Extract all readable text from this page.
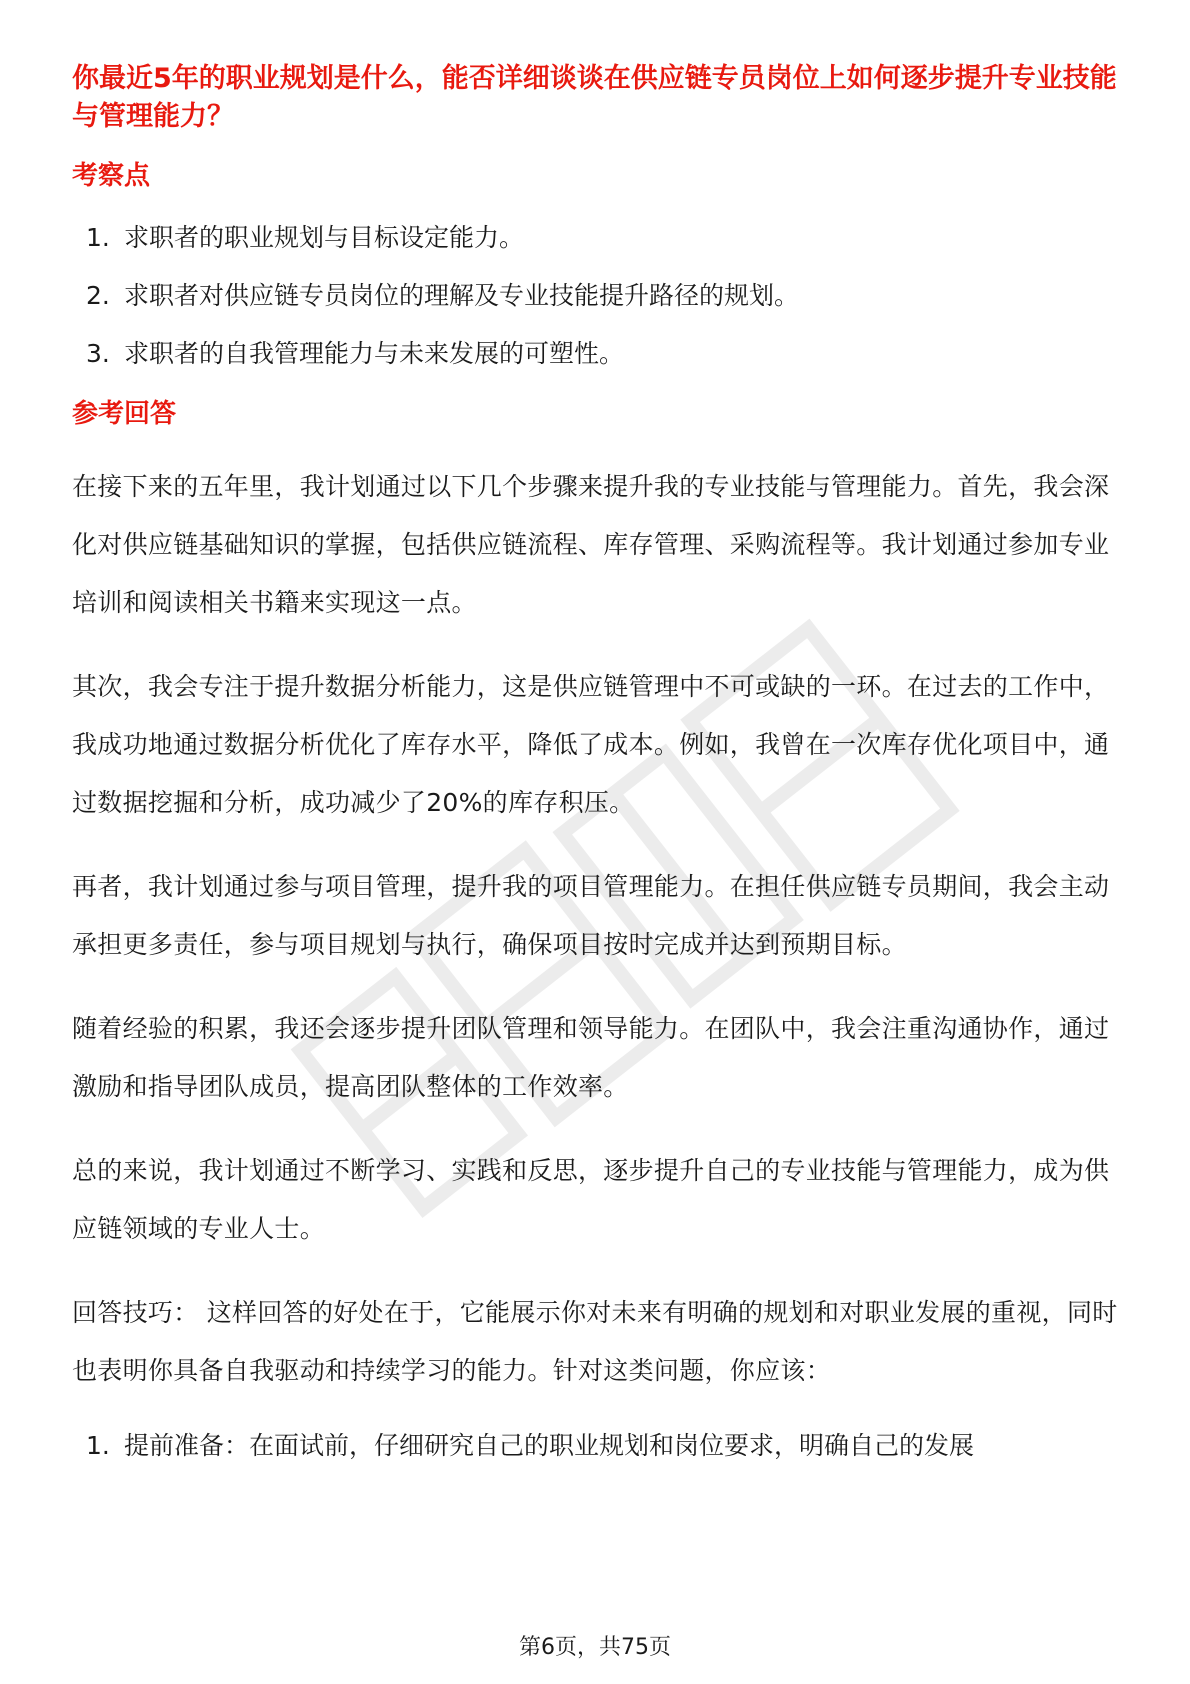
你最近5年的职业规划是什么，能否详细谈谈在供应链专员岗位上如何逐步提升专业技能与管理能力？
考察点
1. 求职者的职业规划与目标设定能力。
2. 求职者对供应链专员岗位的理解及专业技能提升路径的规划。
3. 求职者的自我管理能力与未来发展的可塑性。
参考回答

在接下来的五年里，我计划通过以下几个步骤来提升我的专业技能与管理能力。首先，我会深化对供应链基础知识的掌握，包括供应链流程、库存管理、采购流程等。我计划通过参加专业培训和阅读相关书籍来实现这一点。

其次，我会专注于提升数据分析能力，这是供应链管理中不可或缺的一环。在过去的工作中，我成功地通过数据分析优化了库存水平，降低了成本。例如，我曾在一次库存优化项目中，通过数据挖掘和分析，成功减少了20%的库存积压。

再者，我计划通过参与项目管理，提升我的项目管理能力。在担任供应链专员期间，我会主动承担更多责任，参与项目规划与执行，确保项目按时完成并达到预期目标。

随着经验的积累，我还会逐步提升团队管理和领导能力。在团队中，我会注重沟通协作，通过激励和指导团队成员，提高团队整体的工作效率。

总的来说，我计划通过不断学习、实践和反思，逐步提升自己的专业技能与管理能力，成为供应链领域的专业人士。

回答技巧： 这样回答的好处在于，它能展示你对未来有明确的规划和对职业发展的重视，同时也表明你具备自我驱动和持续学习的能力。针对这类问题，你应该：

1. 提前准备：在面试前，仔细研究自己的职业规划和岗位要求，明确自己的发展
第6页，共75页
